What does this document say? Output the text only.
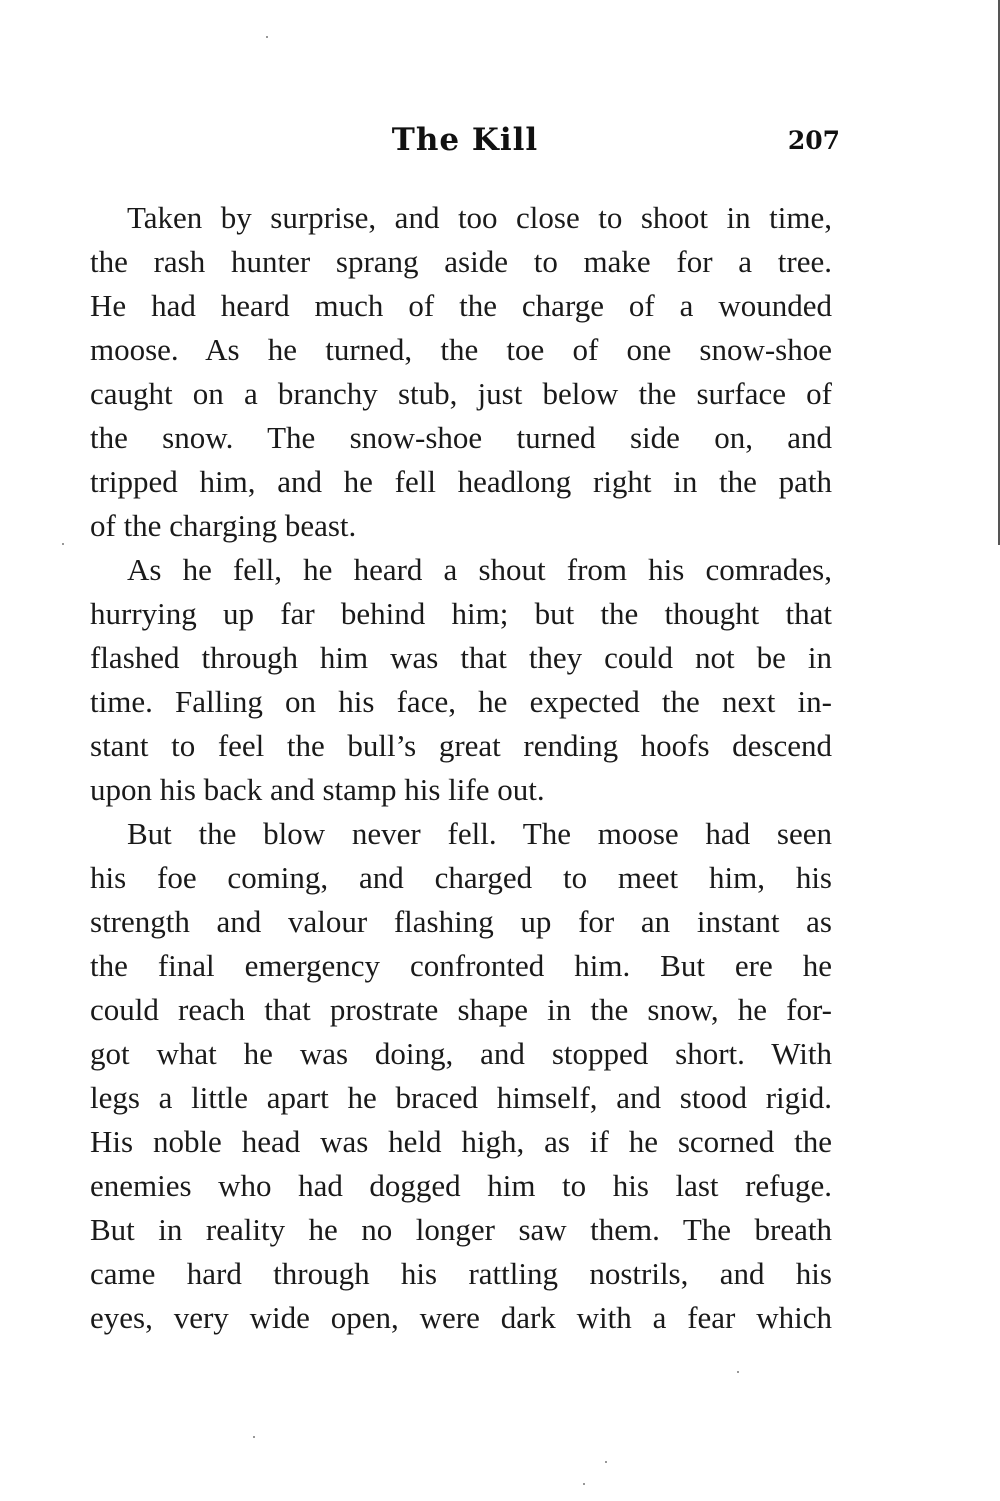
The Kill	207
Taken by surprise, and too close to shoot in time,
the rash hunter sprang aside to make for a tree.
He had heard much of the charge of a wounded
moose. As he turned, the toe of one snow-shoe
caught on a branchy stub, just below the surface of
the snow. The snow-shoe turned side on, and
tripped him, and he fell headlong right in the path
of the charging beast.
As he fell, he heard a shout from his comrades,
hurrying up far behind him; but the thought that
flashed through him was that they could not be in
time. Falling on his face, he expected the next in-
stant to feel the bull’s great rending hoofs descend
upon his back and stamp his life out.
But the blow never fell. The moose had seen
his foe coming, and charged to meet him, his
strength and valour flashing up for an instant as
the final emergency confronted him. But ere he
could reach that prostrate shape in the snow, he for-
got what he was doing, and stopped short. With
legs a little apart he braced himself, and stood rigid.
His noble head was held high, as if he scorned the
enemies who had dogged him to his last refuge.
But in reality he no longer saw them. The breath
came hard through his rattling nostrils, and his
eyes, very wide open, were dark with a fear which
